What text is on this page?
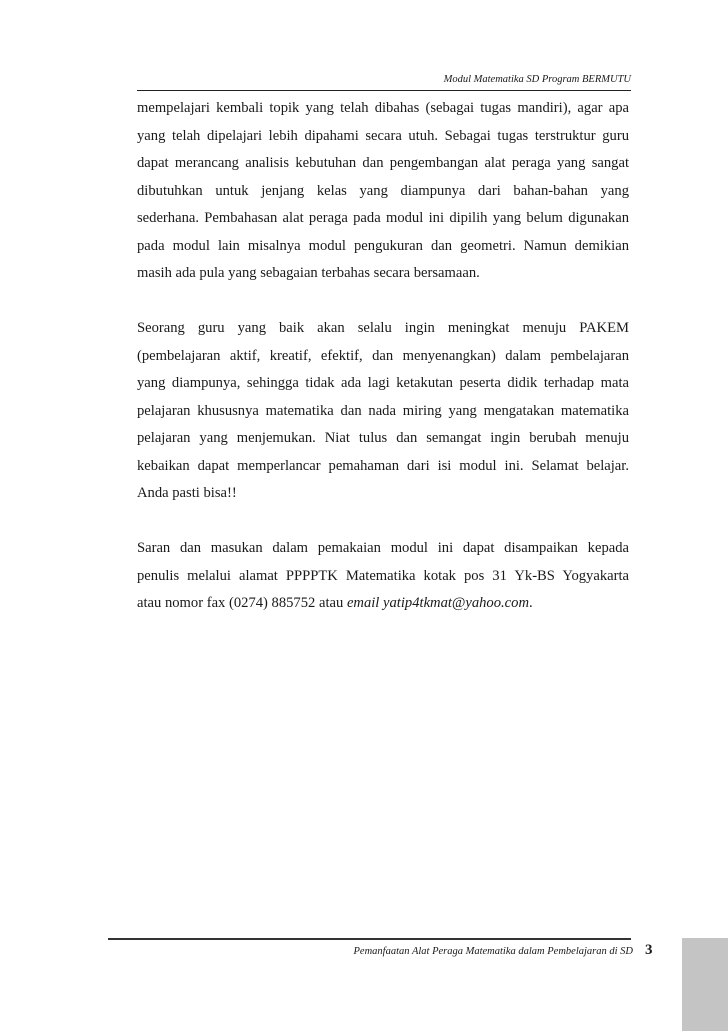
Modul Matematika SD Program BERMUTU

mempelajari kembali topik yang telah dibahas (sebagai tugas mandiri), agar apa
yang telah dipelajari lebih dipahami secara utuh. Sebagai tugas terstruktur guru
dapat merancang analisis kebutuhan dan pengembangan alat peraga yang sangat
dibutuhkan untuk jenjang kelas yang diampunya dari bahan-bahan yang
sederhana. Pembahasan alat peraga pada modul ini dipilih yang belum digunakan
pada modul lain misalnya modul pengukuran dan geometri. Namun demikian
masih ada pula yang sebagaian terbahas secara bersamaan.

Seorang guru yang baik akan selalu ingin meningkat menuju PAKEM
(pembelajaran aktif, kreatif, efektif, dan menyenangkan) dalam pembelajaran
yang diampunya, sehingga tidak ada lagi ketakutan peserta didik terhadap mata
pelajaran khususnya matematika dan nada miring yang mengatakan matematika
pelajaran yang menjemukan. Niat tulus dan semangat ingin berubah menuju
kebaikan dapat memperlancar pemahaman dari isi modul ini. Selamat belajar.
Anda pasti bisa!!

Saran dan masukan dalam pemakaian modul ini dapat disampaikan kepada
penulis melalui alamat PPPPTK Matematika kotak pos 31 Yk-BS Yogyakarta
atau nomor fax (0274) 885752 atau email yatip4tkmat@yahoo.com.

Pemanfaatan Alat Peraga Matematika dalam Pembelajaran di SD 3
